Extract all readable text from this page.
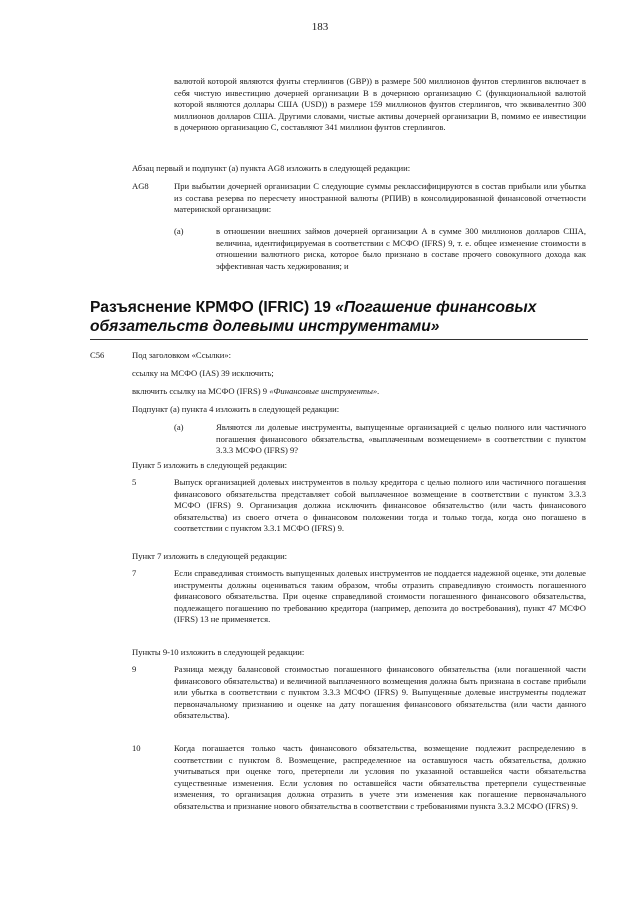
183

валютой которой являются фунты стерлингов (GBP)) в размере 500 миллионов фунтов стерлингов включает в себя чистую инвестицию дочерней организации В в дочернюю организацию С (функциональной валютой которой являются доллары США (USD)) в размере 159 миллионов фунтов стерлингов, что эквивалентно 300 миллионов долларов США. Другими словами, чистые активы дочерней организации В, помимо ее инвестиции в дочернюю организацию С, составляют 341 миллион фунтов стерлингов.

Абзац первый и подпункт (а) пункта AG8 изложить в следующей редакции:

AG8	При выбытии дочерней организации С следующие суммы реклассифицируются в состав прибыли или убытка из состава резерва по пересчету иностранной валюты (РПИВ) в консолидированной финансовой отчетности материнской организации:

(а)	в отношении внешних займов дочерней организации А в сумме 300 миллионов долларов США, величина, идентифицируемая в соответствии с МСФО (IFRS) 9, т. е. общее изменение стоимости в отношении валютного риска, которое было признано в составе прочего совокупного дохода как эффективная часть хеджирования; и

Разъяснение КРМФО (IFRIC) 19 «Погашение финансовых
обязательств долевыми инструментами»
C56	Под заголовком «Ссылки»:
ссылку на МСФО (IAS) 39 исключить;
включить ссылку на МСФО (IFRS) 9 «Финансовые инструменты».
Подпункт (а) пункта 4 изложить в следующей редакции:
(а)	Являются ли долевые инструменты, выпущенные организацией с целью полного или частичного погашения финансового обязательства, «выплаченным возмещением» в соответствии с пунктом 3.3.3 МСФО (IFRS) 9?

Пункт 5 изложить в следующей редакции:
5	Выпуск организацией долевых инструментов в пользу кредитора с целью полного или частичного погашения финансового обязательства представляет собой выплаченное возмещение в соответствии с пунктом 3.3.3 МСФО (IFRS) 9. Организация должна исключить финансовое обязательство (или часть финансового обязательства) из своего отчета о финансовом положении тогда и только тогда, когда оно погашено в соответствии с пунктом 3.3.1 МСФО (IFRS) 9.

Пункт 7 изложить в следующей редакции:
7	Если справедливая стоимость выпущенных долевых инструментов не поддается надежной оценке, эти долевые инструменты должны оцениваться таким образом, чтобы отразить справедливую стоимость погашенного финансового обязательства. При оценке справедливой стоимости погашенного финансового обязательства, подлежащего погашению по требованию кредитора (например, депозита до востребования), пункт 47 МСФО (IFRS) 13 не применяется.

Пункты 9-10 изложить в следующей редакции:
9	Разница между балансовой стоимостью погашенного финансового обязательства (или погашенной части финансового обязательства) и величиной выплаченного возмещения должна быть признана в составе прибыли или убытка в соответствии с пунктом 3.3.3 МСФО (IFRS) 9. Выпущенные долевые инструменты подлежат первоначальному признанию и оценке на дату погашения финансового обязательства (или части данного обязательства).

10	Когда погашается только часть финансового обязательства, возмещение подлежит распределению в соответствии с пунктом 8. Возмещение, распределенное на оставшуюся часть обязательства, должно учитываться при оценке того, претерпели ли условия по указанной оставшейся части обязательства существенные изменения. Если условия по оставшейся части обязательства претерпели существенные изменения, то организация должна отразить в учете эти изменения как погашение первоначального обязательства и признание нового обязательства в соответствии с требованиями пункта 3.3.2 МСФО (IFRS) 9.
